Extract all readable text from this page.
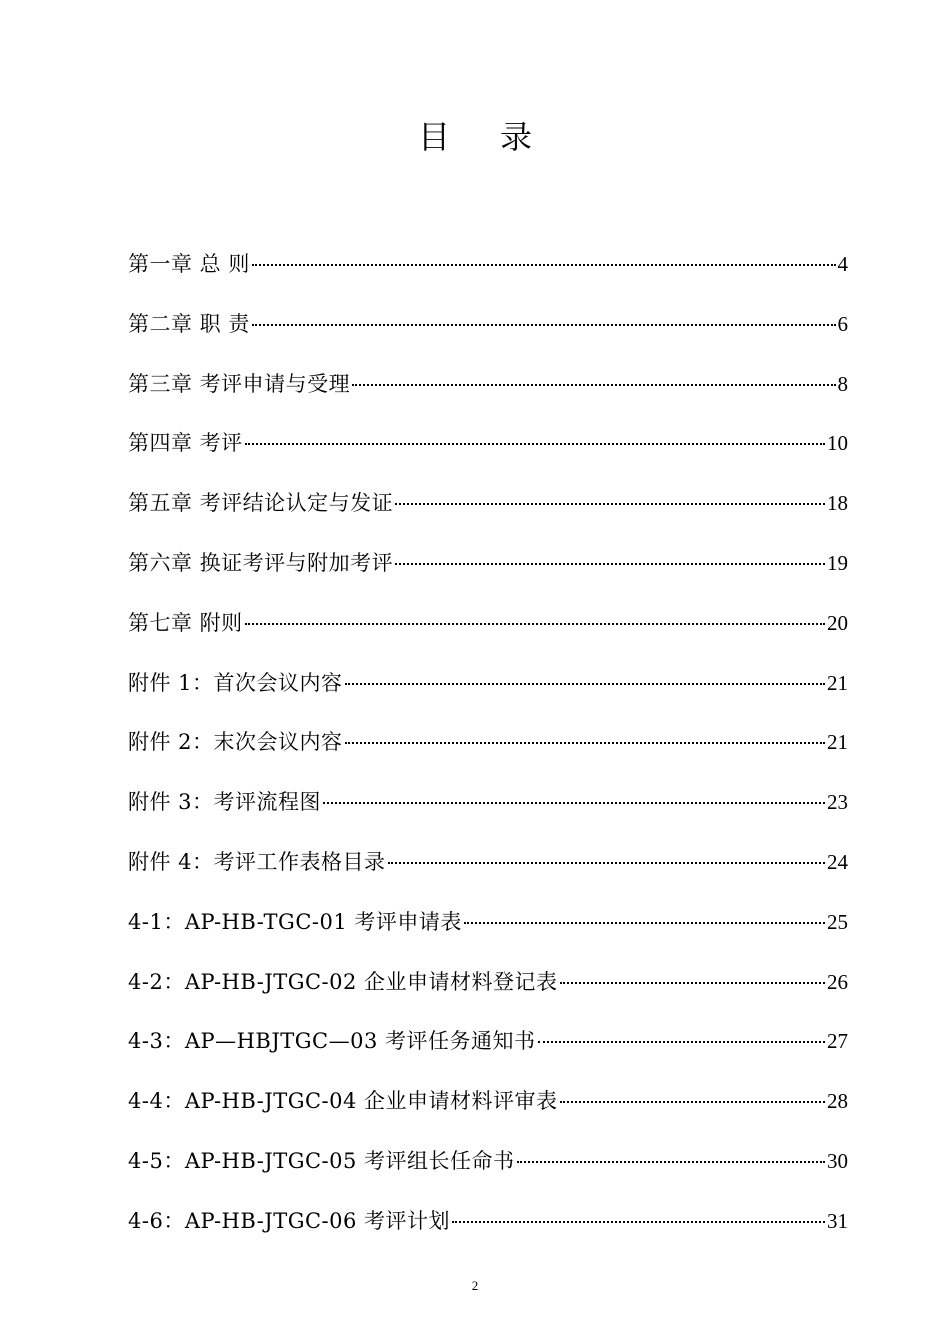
目录
第一章 总 则	4
第二章 职 责	6
第三章 考评申请与受理	8
第四章 考评	10
第五章 考评结论认定与发证	18
第六章 换证考评与附加考评	19
第七章 附则	20
附件 1：首次会议内容	21
附件 2：末次会议内容	21
附件 3：考评流程图	23
附件 4：考评工作表格目录	24
4-1：AP-HB-TGC-01 考评申请表	25
4-2：AP-HB-JTGC-02 企业申请材料登记表	26
4-3：AP—HBJTGC—03 考评任务通知书	27
4-4：AP-HB-JTGC-04 企业申请材料评审表	28
4-5：AP-HB-JTGC-05 考评组长任命书	30
4-6：AP-HB-JTGC-06 考评计划	31
2
